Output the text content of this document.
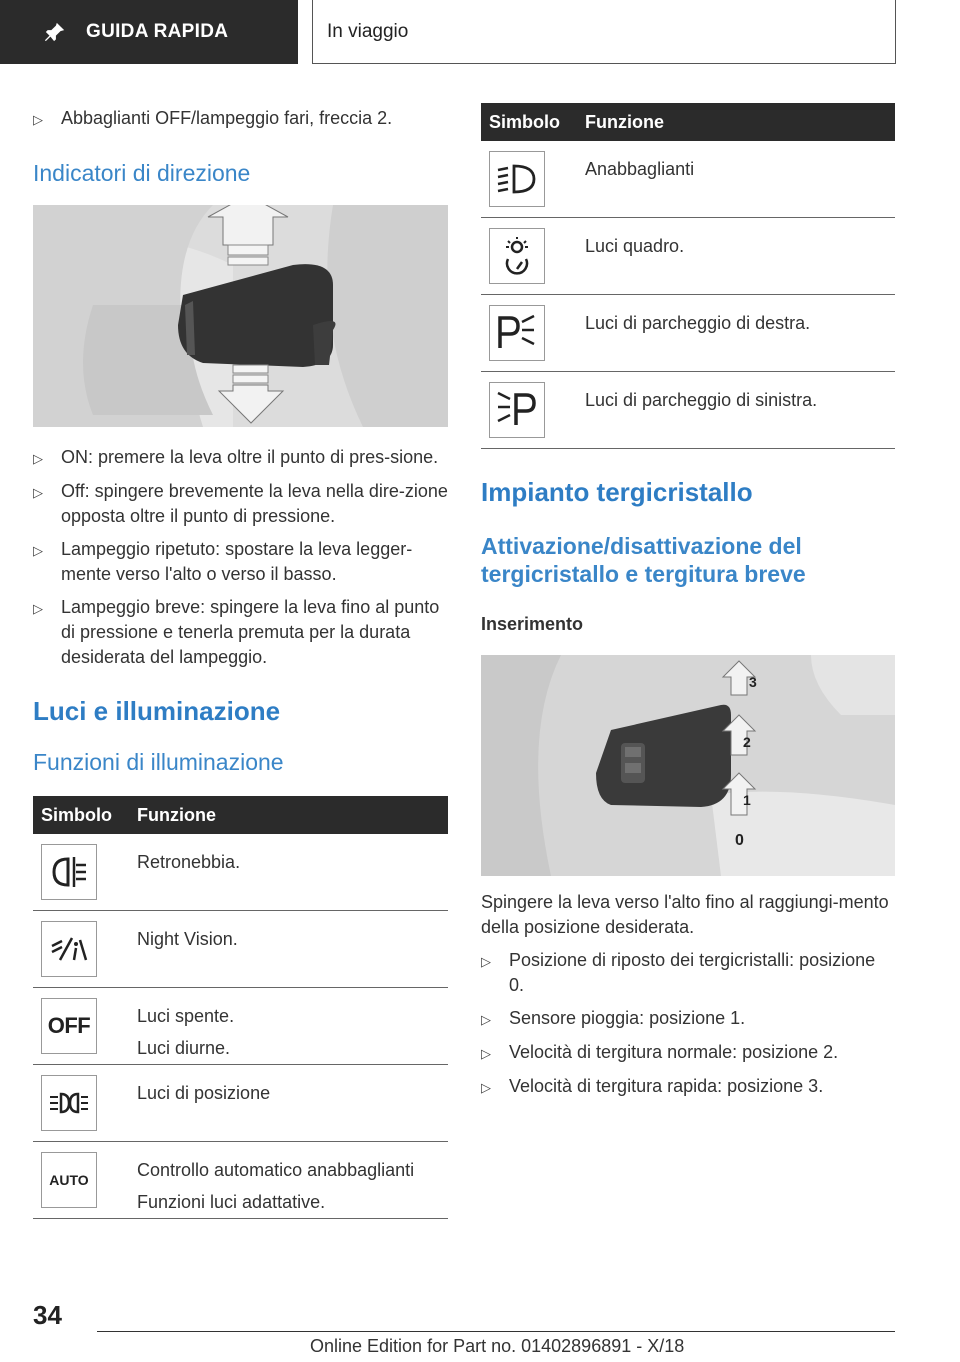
GUIDA RAPIDA	In viaggio
▷	Abbaglianti OFF/lampeggio fari, freccia 2.
Indicatori di direzione
▷	ON: premere la leva oltre il punto di pres-sione.
▷	Off: spingere brevemente la leva nella dire-zione opposta oltre il punto di pressione.
▷	Lampeggio ripetuto: spostare la leva legger-mente verso l'alto o verso il basso.
▷	Lampeggio breve: spingere la leva fino al punto di pressione e tenerla premuta per la durata desiderata del lampeggio.
Luci e illuminazione
Funzioni di illuminazione
Simbolo	Funzione

Retronebbia.

Night Vision.

OFF	Luci spente.
Luci diurne.

Luci di posizione

AUTO	Controllo automatico anabbaglianti
Funzioni luci adattative.
Simbolo	Funzione

Anabbaglianti

Luci quadro.

Luci di parcheggio di destra.

Luci di parcheggio di sinistra.
Impianto tergicristallo
Attivazione/disattivazione del tergicristallo e tergitura breve
Inserimento
3
2
1
0

Spingere la leva verso l'alto fino al raggiungi-mento della posizione desiderata.

▷	Posizione di riposto dei tergicristalli: posizione 0.
▷	Sensore pioggia: posizione 1.
▷	Velocità di tergitura normale: posizione 2.
▷	Velocità di tergitura rapida: posizione 3.
34
Online Edition for Part no. 01402896891 - X/18
